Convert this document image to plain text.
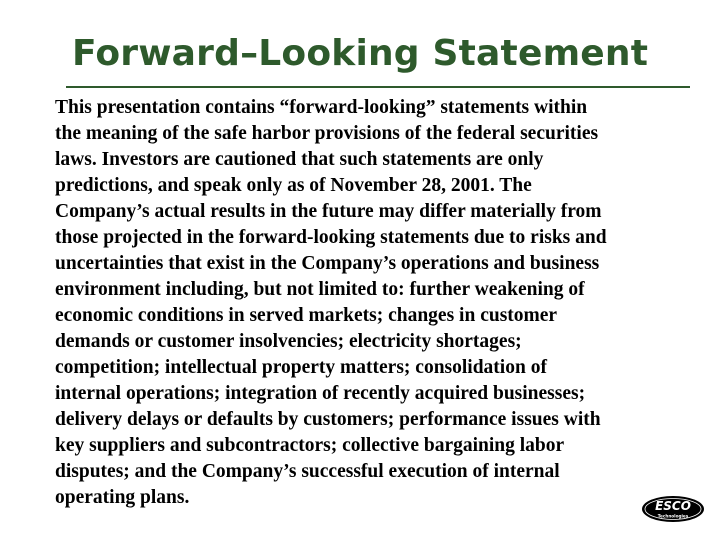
Forward–Looking Statement

This presentation contains “forward-looking” statements within
the meaning of the safe harbor provisions of the federal securities
laws. Investors are cautioned that such statements are only
predictions, and speak only as of November 28, 2001. The
Company’s actual results in the future may differ materially from
those projected in the forward-looking statements due to risks and
uncertainties that exist in the Company’s operations and business
environment including, but not limited to: further weakening of
economic conditions in served markets; changes in customer
demands or customer insolvencies; electricity shortages;
competition; intellectual property matters; consolidation of
internal operations; integration of recently acquired businesses;
delivery delays or defaults by customers; performance issues with
key suppliers and subcontractors; collective bargaining labor
disputes; and the Company’s successful execution of internal
operating plans.	ESCO
Technologies
